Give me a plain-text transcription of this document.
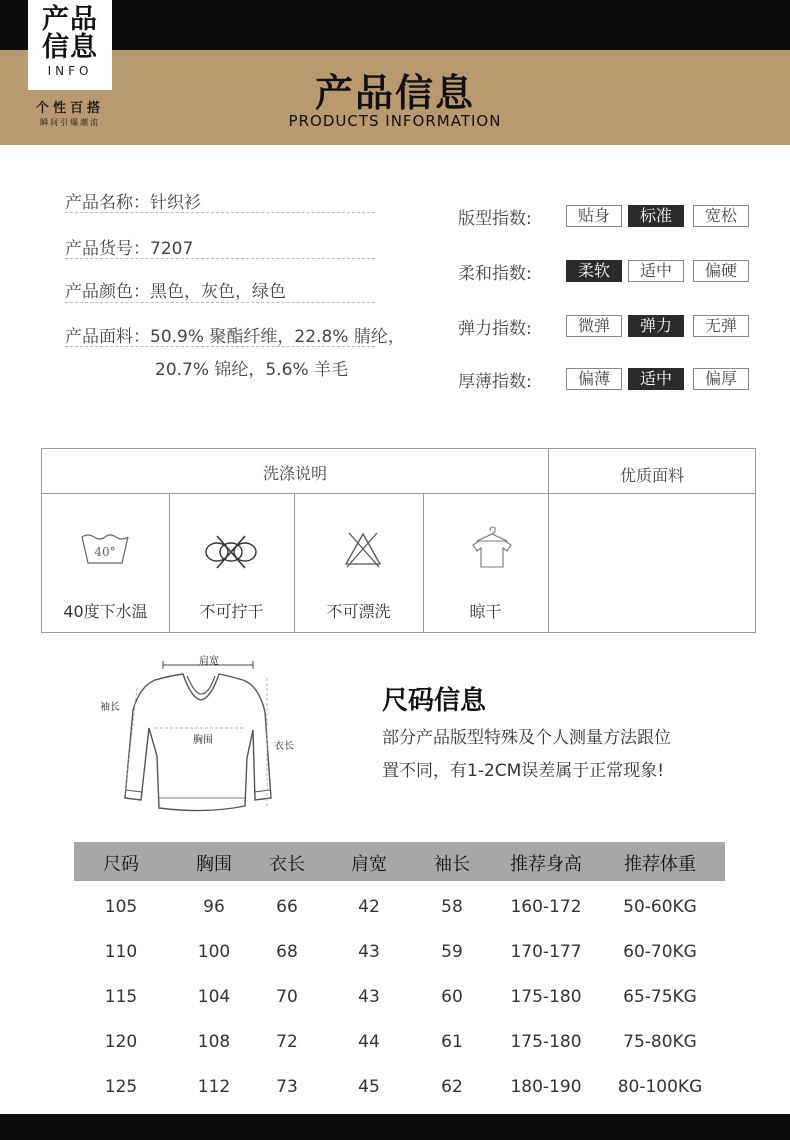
产品
信息
INFO
个性百搭
瞬间引爆潮流
产品信息
PRODUCTS INFORMATION
产品名称：针织衫
产品货号：7207
产品颜色：黑色，灰色，绿色
产品面料：50.9% 聚酯纤维，22.8% 腈纶，
20.7% 锦纶，5.6% 羊毛
版型指数:	贴身	标准	宽松
柔和指数:	柔软	适中	偏硬
弹力指数:	微弹	弹力	无弹
厚薄指数:	偏薄	适中	偏厚
洗涤说明	优质面料
40°
40度下水温	不可拧干	不可漂洗	晾干
肩宽
袖长
胸围
衣长
尺码信息
部分产品版型特殊及个人测量方法跟位
置不同，有1-2CM误差属于正常现象!
尺码	胸围	衣长	肩宽	袖长	推荐身高	推荐体重
105	96	66	42	58	160-172	50-60KG
110	100	68	43	59	170-177	60-70KG
115	104	70	43	60	175-180	65-75KG
120	108	72	44	61	175-180	75-80KG
125	112	73	45	62	180-190	80-100KG
